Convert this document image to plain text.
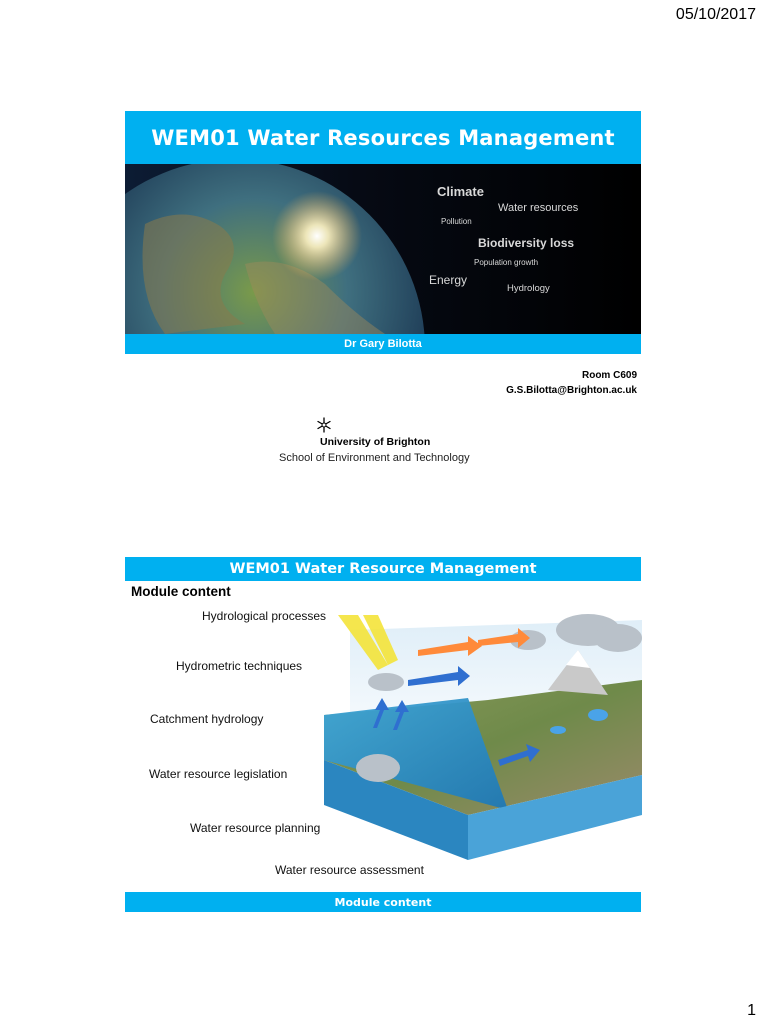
05/10/2017
WEM01 Water Resources Management
Climate
Water resources
Pollution
Biodiversity loss
Population growth
Energy
Hydrology
Dr Gary Bilotta
Room C609
G.S.Bilotta@Brighton.ac.uk
University of Brighton
School of Environment and Technology
WEM01 Water Resource Management
Module content
Hydrological processes
Hydrometric techniques
Catchment hydrology
Water resource legislation
Water resource planning
Water resource assessment
Module content
1
